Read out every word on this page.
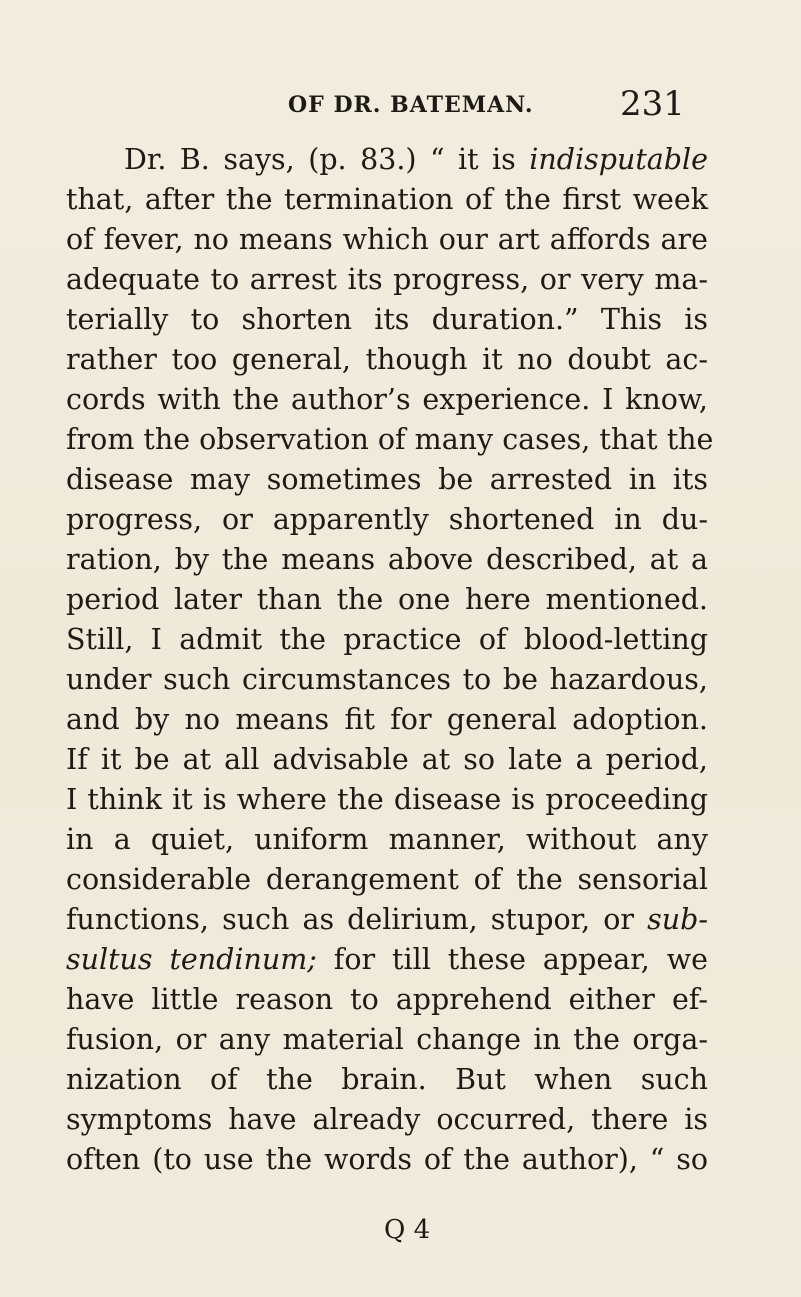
OF DR. BATEMAN.	231
Dr. B. says, (p. 83.) “ it is indisputable
that, after the termination of the first week
of fever, no means which our art affords are
adequate to arrest its progress, or very ma-
terially to shorten its duration.” This is
rather too general, though it no doubt ac-
cords with the author’s experience. I know,
from the observation of many cases, that the
disease may sometimes be arrested in its
progress, or apparently shortened in du-
ration, by the means above described, at a
period later than the one here mentioned.
Still, I admit the practice of blood-letting
under such circumstances to be hazardous,
and by no means fit for general adoption.
If it be at all advisable at so late a period,
I think it is where the disease is proceeding
in a quiet, uniform manner, without any
considerable derangement of the sensorial
functions, such as delirium, stupor, or sub-
sultus tendinum; for till these appear, we
have little reason to apprehend either ef-
fusion, or any material change in the orga-
nization of the brain. But when such
symptoms have already occurred, there is
often (to use the words of the author), “ so
Q 4
